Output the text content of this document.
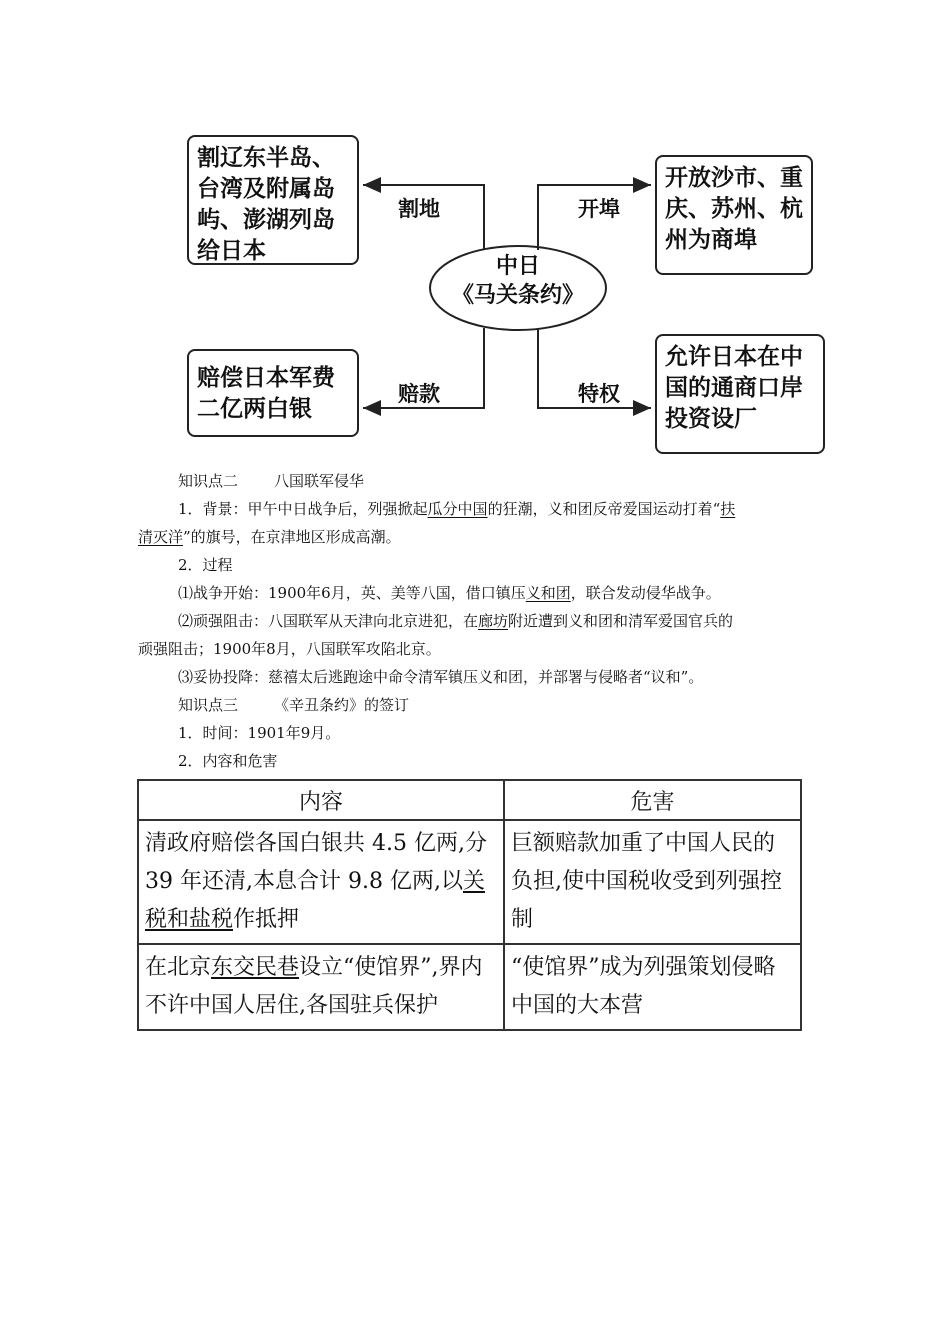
割辽东半岛、
台湾及附属岛
屿、澎湖列岛
给日本
开放沙市、重
庆、苏州、杭
州为商埠
赔偿日本军费
二亿两白银
允许日本在中
国的通商口岸
投资设厂
割地	开埠
赔款	特权
中日
《马关条约》
知识点二 八国联军侵华
1．背景：甲午中日战争后，列强掀起瓜分中国的狂潮，义和团反帝爱国运动打着“扶
清灭洋”的旗号，在京津地区形成高潮。
2．过程
⑴战争开始：1900年6月，英、美等八国，借口镇压义和团，联合发动侵华战争。
⑵顽强阻击：八国联军从天津向北京进犯，在廊坊附近遭到义和团和清军爱国官兵的
顽强阻击；1900年8月，八国联军攻陷北京。
⑶妥协投降：慈禧太后逃跑途中命令清军镇压义和团，并部署与侵略者“议和”。
知识点三 《辛丑条约》的签订
1．时间：1901年9月。
2．内容和危害
内容	危害
清政府赔偿各国白银共 4.5 亿两,分 39 年还清,本息合计 9.8 亿两,以关税和盐税作抵押	巨额赔款加重了中国人民的负担,使中国税收受到列强控制
在北京东交民巷设立“使馆界”,界内不许中国人居住,各国驻兵保护	“使馆界”成为列强策划侵略中国的大本营
